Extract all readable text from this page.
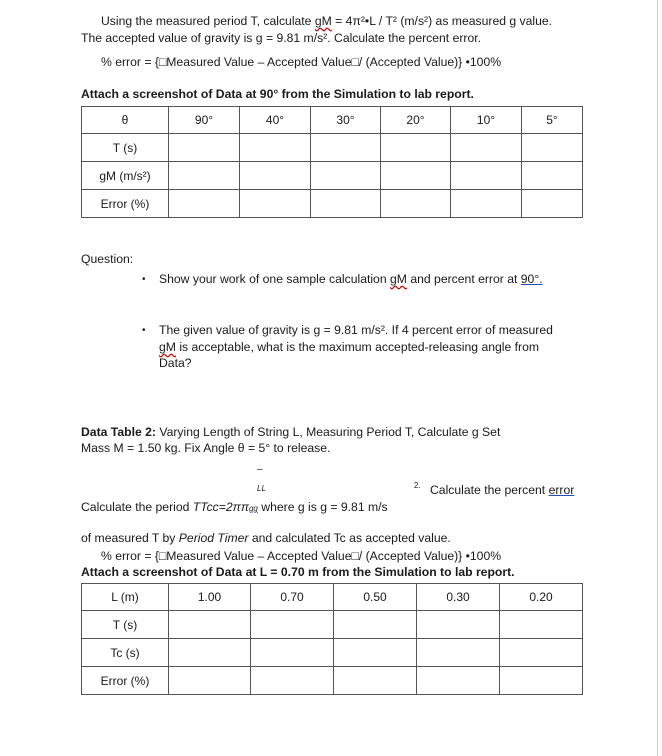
Using the measured period T, calculate gM = 4π²•L / T² (m/s²) as measured g value.
The accepted value of gravity is g = 9.81 m/s². Calculate the percent error.
% error = {□Measured Value – Accepted Value□/ (Accepted Value)} •100%
Attach a screenshot of Data at 90° from the Simulation to lab report.
θ	90°	40°	30°	20°	10°	5°
T (s)						
gM (m/s²)						
Error (%)						
Question:
• Show your work of one sample calculation gM and percent error at 90°.
• The given value of gravity is g = 9.81 m/s². If 4 percent error of measured
gM is acceptable, what is the maximum accepted-releasing angle from
Data?
Data Table 2: Varying Length of String L, Measuring Period T, Calculate g Set
Mass M = 1.50 kg. Fix Angle θ = 5° to release.
–
LL	2. Calculate the percent error
Calculate the period TTcc=2ππgg where g is g = 9.81 m/s
of measured T by Period Timer and calculated Tc as accepted value.
% error = {□Measured Value – Accepted Value□/ (Accepted Value)} •100%
Attach a screenshot of Data at L = 0.70 m from the Simulation to lab report.
L (m)	1.00	0.70	0.50	0.30	0.20
T (s)					
Tc (s)					
Error (%)					
